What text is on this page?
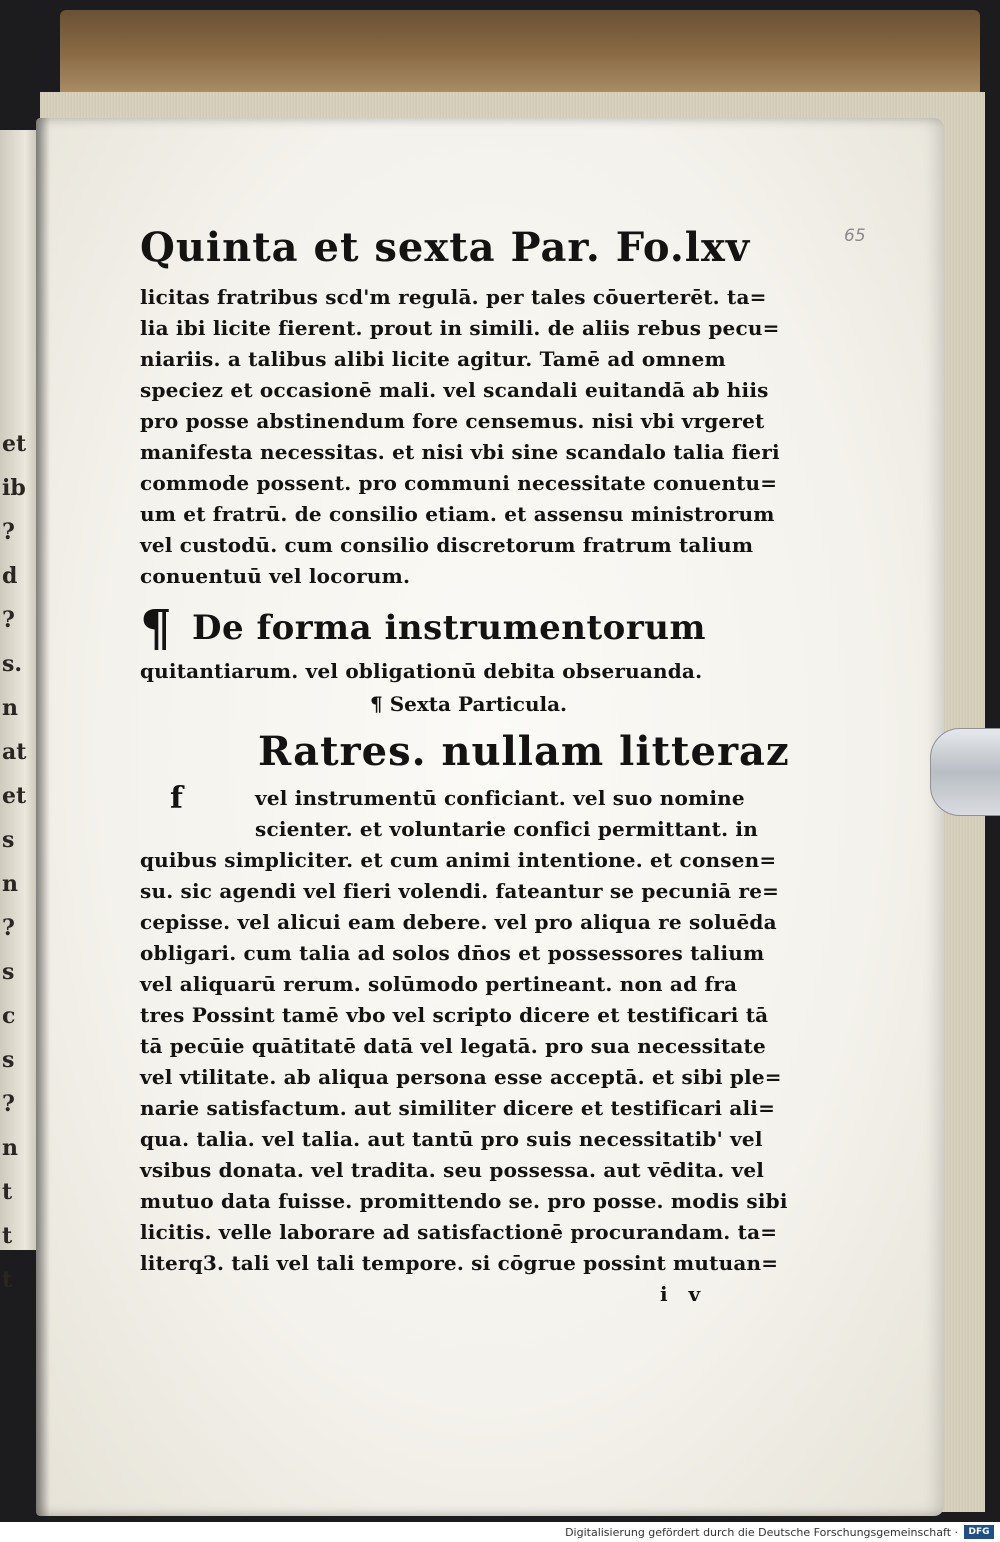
et
ib
?
d
?
s.
n
at
et
s
n
?
s
c
s
?
n
t
t
t
65
Quinta et sexta Par. Fo.lxv
licitas fratribus scd'm regulā. per tales cōuerterēt. ta=
lia ibi licite fierent. prout in simili. de aliis rebus pecu=
niariis. a talibus alibi licite agitur. Tamē ad omnem
speciez et occasionē mali. vel scandali euitandā ab hiis
pro posse abstinendum fore censemus. nisi vbi vrgeret
manifesta necessitas. et nisi vbi sine scandalo talia fieri
commode possent. pro communi necessitate conuentu=
um et fratrū. de consilio etiam. et assensu ministrorum
vel custodū. cum consilio discretorum fratrum talium
conuentuū vel locorum.
¶ De forma instrumentorum
quitantiarum. vel obligationū debita obseruanda.
¶ Sexta Particula.
f
Ratres. nullam litteraz
vel instrumentū conficiant. vel suo nomine
scienter. et voluntarie confici permittant. in
quibus simpliciter. et cum animi intentione. et consen=
su. sic agendi vel fieri volendi. fateantur se pecuniā re=
cepisse. vel alicui eam debere. vel pro aliqua re soluēda
obligari. cum talia ad solos dn̄os et possessores talium
vel aliquarū rerum. solūmodo pertineant. non ad fra
tres Possint tamē vbo vel scripto dicere et testificari tā
tā pecūie quātitatē datā vel legatā. pro sua necessitate
vel vtilitate. ab aliqua persona esse acceptā. et sibi ple=
narie satisfactum. aut similiter dicere et testificari ali=
qua. talia. vel talia. aut tantū pro suis necessitatib' vel
vsibus donata. vel tradita. seu possessa. aut vēdita. vel
mutuo data fuisse. promittendo se. pro posse. modis sibi
licitis. velle laborare ad satisfactionē procurandam. ta=
literq3. tali vel tali tempore. si cōgrue possint mutuan=
i v
Digitalisierung gefördert durch die Deutsche Forschungsgemeinschaft ·	DFG
